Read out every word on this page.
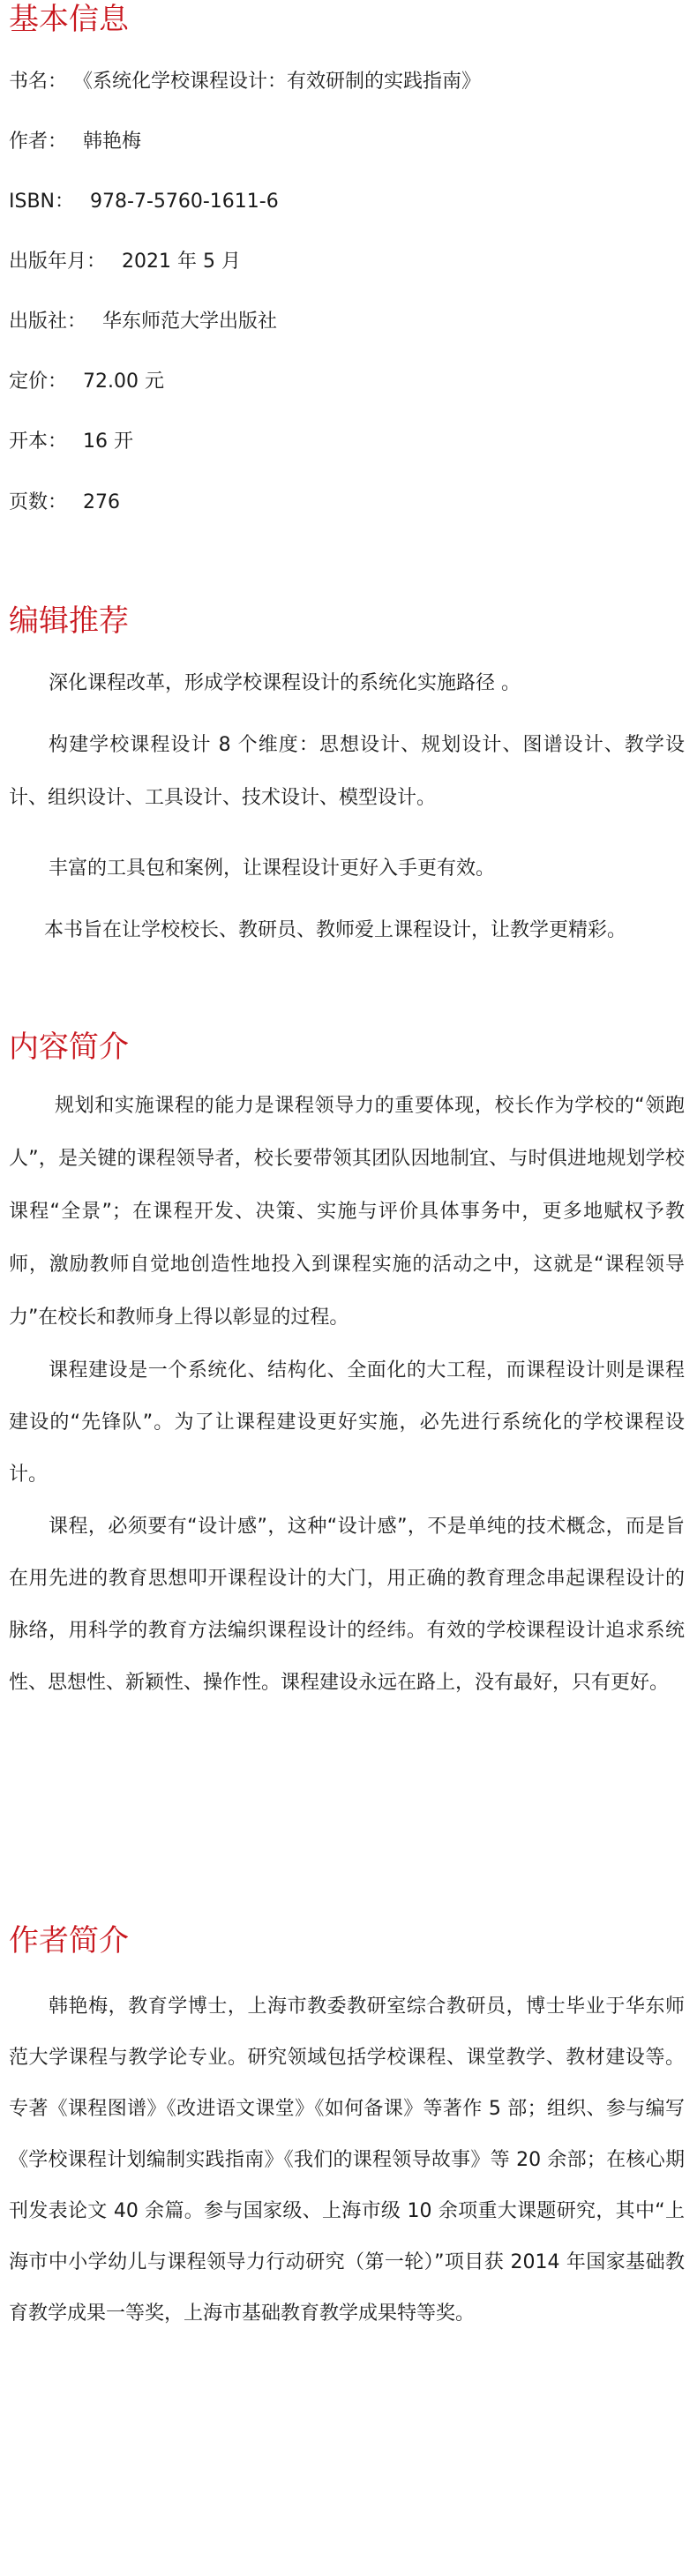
基本信息
书名： 《系统化学校课程设计：有效研制的实践指南》
作者： 韩艳梅
ISBN： 978-7-5760-1611-6
出版年月： 2021 年 5 月
出版社： 华东师范大学出版社
定价： 72.00 元
开本： 16 开
页数： 276
编辑推荐

深化课程改革，形成学校课程设计的系统化实施路径 。

构建学校课程设计 8 个维度：思想设计、规划设计、图谱设计、教学设计、组织设计、工具设计、技术设计、模型设计。

丰富的工具包和案例，让课程设计更好入手更有效。

本书旨在让学校校长、教研员、教师爱上课程设计，让教学更精彩。

内容简介

规划和实施课程的能力是课程领导力的重要体现，校长作为学校的“领跑人”，是关键的课程领导者，校长要带领其团队因地制宜、与时俱进地规划学校课程“全景”；在课程开发、决策、实施与评价具体事务中，更多地赋权予教师，激励教师自觉地创造性地投入到课程实施的活动之中，这就是“课程领导力”在校长和教师身上得以彰显的过程。

课程建设是一个系统化、结构化、全面化的大工程，而课程设计则是课程建设的“先锋队”。为了让课程建设更好实施，必先进行系统化的学校课程设计。

课程，必须要有“设计感”，这种“设计感”，不是单纯的技术概念，而是旨在用先进的教育思想叩开课程设计的大门，用正确的教育理念串起课程设计的脉络，用科学的教育方法编织课程设计的经纬。有效的学校课程设计追求系统性、思想性、新颖性、操作性。课程建设永远在路上，没有最好，只有更好。

作者简介

韩艳梅，教育学博士，上海市教委教研室综合教研员，博士毕业于华东师范大学课程与教学论专业。研究领域包括学校课程、课堂教学、教材建设等。专著《课程图谱》《改进语文课堂》《如何备课》等著作 5 部；组织、参与编写《学校课程计划编制实践指南》《我们的课程领导故事》等 20 余部；在核心期刊发表论文 40 余篇。参与国家级、上海市级 10 余项重大课题研究，其中“上海市中小学幼儿与课程领导力行动研究（第一轮）”项目获 2014 年国家基础教育教学成果一等奖，上海市基础教育教学成果特等奖。
